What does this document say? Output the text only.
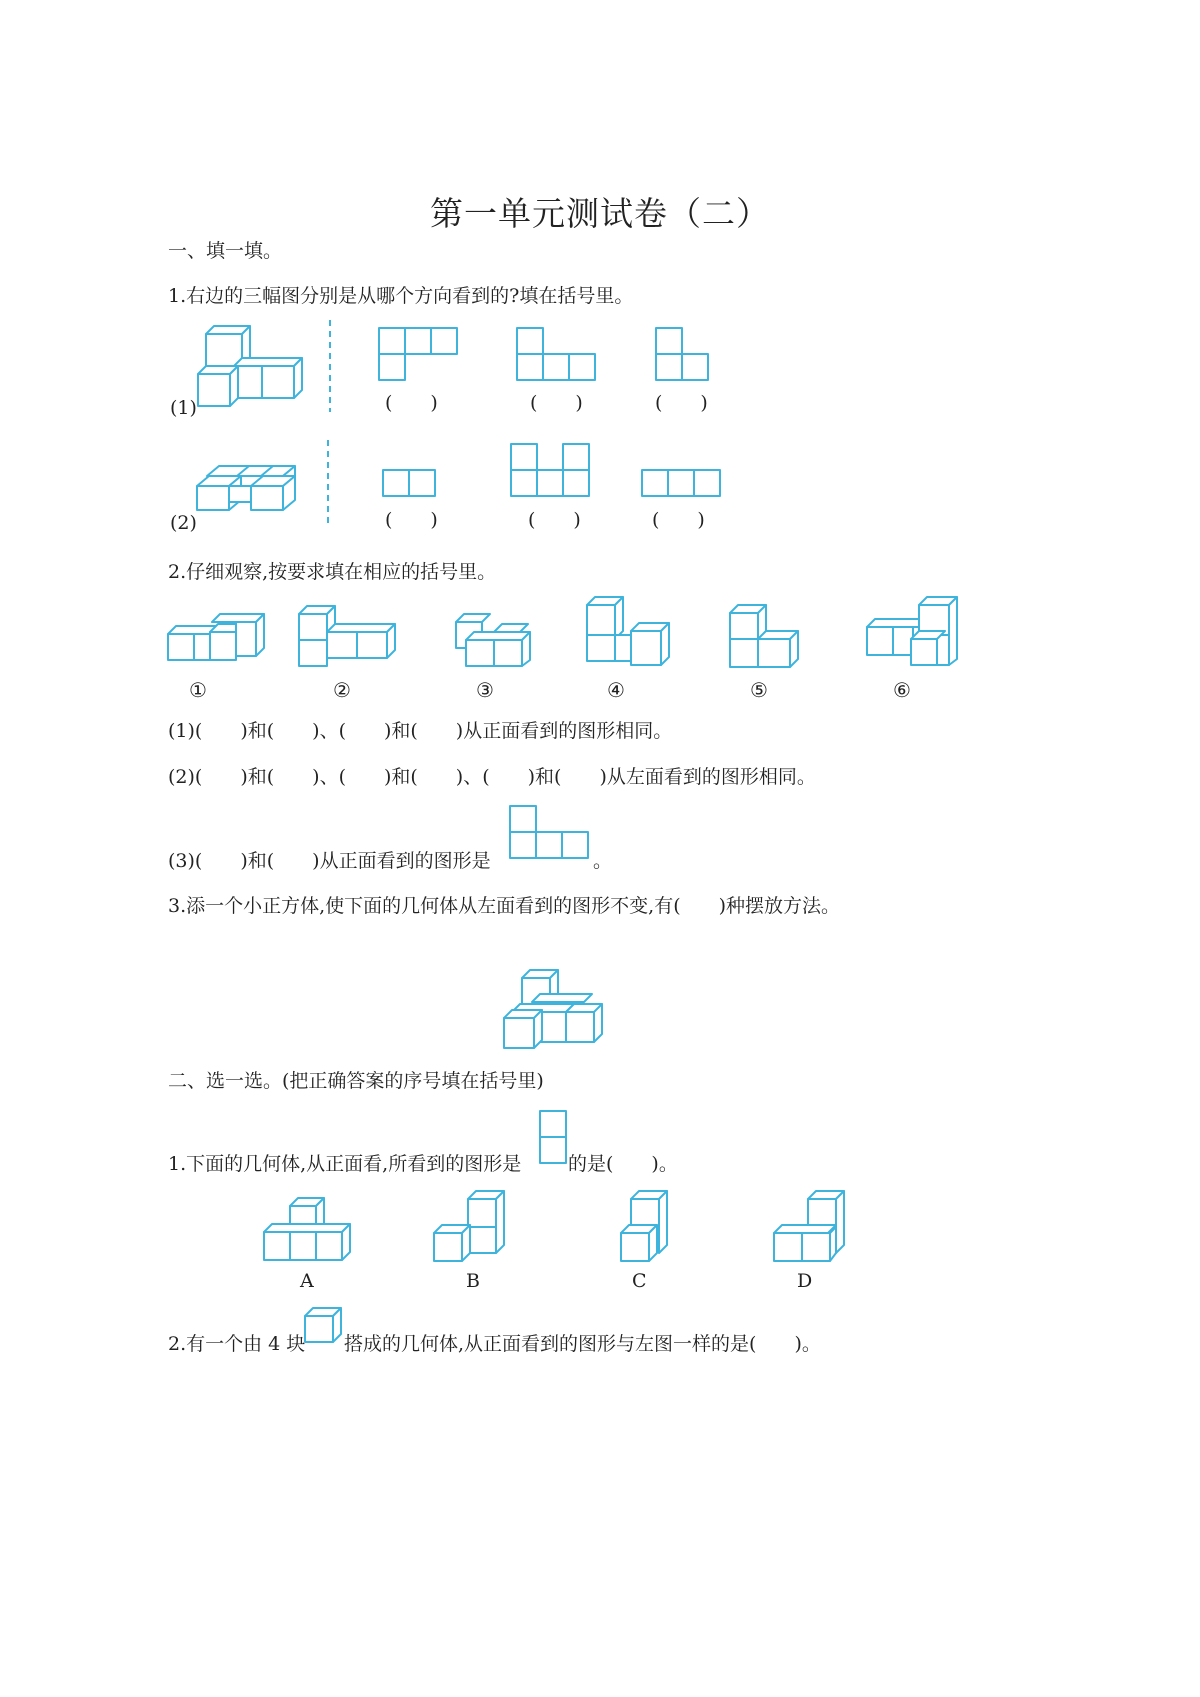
第一单元测试卷（二）
一、填一填。
1.右边的三幅图分别是从哪个方向看到的?填在括号里。
(1)	(　　)	(　　)	(　　)
(2)	(　　)	(　　)	(　　)
2.仔细观察,按要求填在相应的括号里。
①	②	③	④	⑤	⑥
(1)(　　)和(　　)、(　　)和(　　)从正面看到的图形相同。
(2)(　　)和(　　)、(　　)和(　　)、(　　)和(　　)从左面看到的图形相同。
(3)(　　)和(　　)从正面看到的图形是	。
3.添一个小正方体,使下面的几何体从左面看到的图形不变,有(　　)种摆放方法。
二、选一选。(把正确答案的序号填在括号里)
1.下面的几何体,从正面看,所看到的图形是 的是(　　)。
A	B	C	D
2.有一个由 4 块 搭成的几何体,从正面看到的图形与左图一样的是(　　)。
